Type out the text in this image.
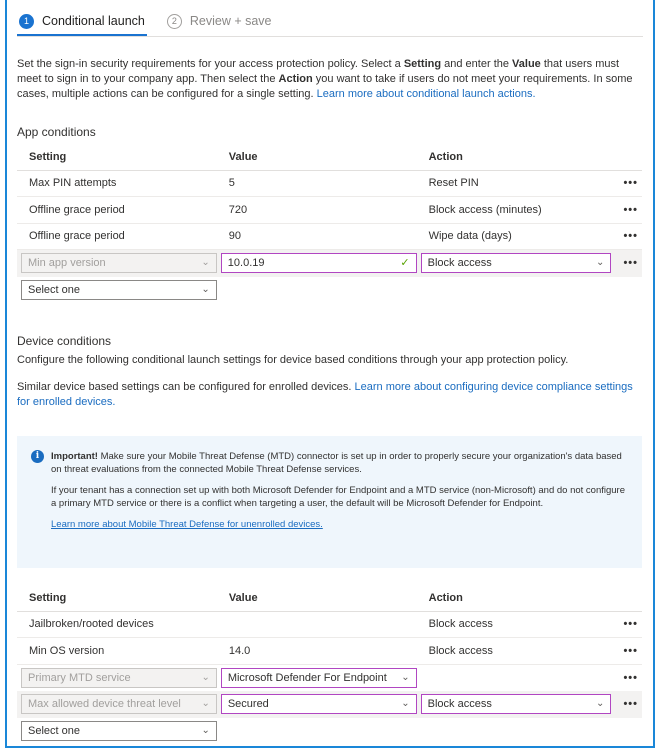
1	Conditional launch	2	Review + save
Set the sign-in security requirements for your access protection policy. Select a Setting and enter the Value that users must meet to sign in to your company app. Then select the Action you want to take if users do not meet your requirements. In some cases, multiple actions can be configured for a single setting. Learn more about conditional launch actions.
App conditions
Setting	Value	Action	
Max PIN attempts	5	Reset PIN	•••
Offline grace period	720	Block access (minutes)	•••
Offline grace period	90	Wipe data (days)	•••

Min app version ⌄	10.0.19 ✓	Block access ⌄	•••

Select one ⌄			

Device conditions
Configure the following conditional launch settings for device based conditions through your app protection policy.
Similar device based settings can be configured for enrolled devices. Learn more about configuring device compliance settings for enrolled devices.
i	Important! Make sure your Mobile Threat Defense (MTD) connector is set up in order to properly secure your organization's data based on threat evaluations from the connected Mobile Threat Defense services.

If your tenant has a connection set up with both Microsoft Defender for Endpoint and a MTD service (non-Microsoft) and do not configure a primary MTD service or there is a conflict when targeting a user, the default will be Microsoft Defender for Endpoint.

Learn more about Mobile Threat Defense for unenrolled devices.

Setting	Value	Action	
Jailbroken/rooted devices		Block access	•••
Min OS version	14.0	Block access	•••

Primary MTD service ⌄	Microsoft Defender For Endpoint ⌄		•••

Max allowed device threat level ⌄	Secured ⌄	Block access ⌄	•••

Select one ⌄			
